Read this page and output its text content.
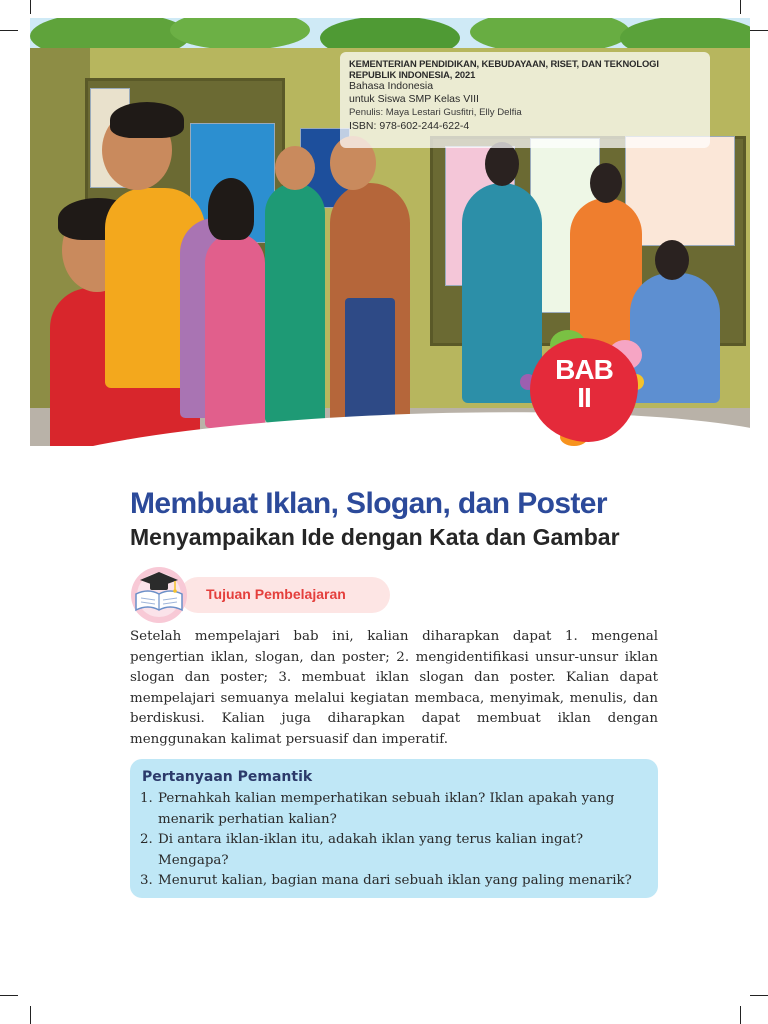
KEMENTERIAN PENDIDIKAN, KEBUDAYAAN, RISET, DAN TEKNOLOGI REPUBLIK INDONESIA, 2021
Bahasa Indonesia
untuk Siswa SMP Kelas VIII
Penulis: Maya Lestari Gusfitri, Elly Delfia
ISBN: 978-602-244-622-4
BAB
II
Membuat Iklan, Slogan, dan Poster
Menyampaikan Ide dengan Kata dan Gambar
Tujuan Pembelajaran

Setelah mempelajari bab ini, kalian diharapkan dapat 1. mengenal pengertian iklan, slogan, dan poster; 2. mengidentifikasi unsur-unsur iklan slogan dan poster; 3. membuat iklan slogan dan poster. Kalian dapat mempelajari semuanya melalui kegiatan membaca, menyimak, menulis, dan berdiskusi. Kalian juga diharapkan dapat membuat iklan dengan menggunakan kalimat persuasif dan imperatif.

Pertanyaan Pemantik
1. Pernahkah kalian memperhatikan sebuah iklan? Iklan apakah yang menarik perhatian kalian?
2. Di antara iklan-iklan itu, adakah iklan yang terus kalian ingat? Mengapa?
3. Menurut kalian, bagian mana dari sebuah iklan yang paling menarik?
